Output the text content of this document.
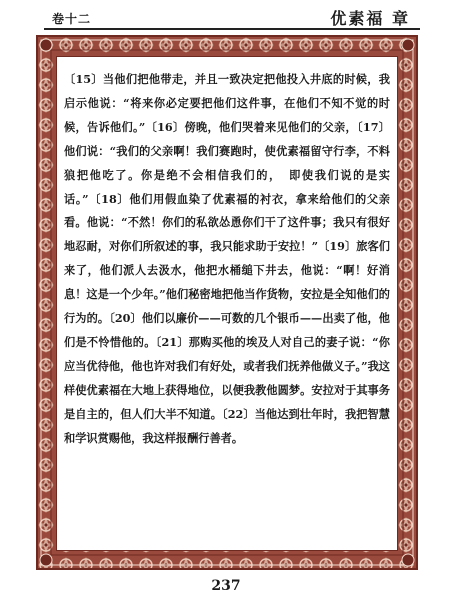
卷十二	优素福 章
〔15〕当他们把他带走，并且一致决定把他投入井底的时候，我启示他说：“将来你必定要把他们这件事，在他们不知不觉的时候，告诉他们。”〔16〕傍晚，他们哭着来见他们的父亲，〔17〕他们说：“我们的父亲啊！我们赛跑时，使优素福留守行李，不料狼把他吃了。你是绝不会相信我们的，　即使我们说的是实话。”〔18〕他们用假血染了优素福的衬衣，拿来给他们的父亲看。他说：“不然！你们的私欲怂恿你们干了这件事；我只有很好地忍耐，对你们所叙述的事，我只能求助于安拉！”〔19〕旅客们来了，他们派人去汲水，他把水桶缒下井去，他说：“啊！好消息！这是一个少年。”他们秘密地把他当作货物，安拉是全知他们的行为的。〔20〕他们以廉价——可数的几个银币——出卖了他，他们是不怜惜他的。〔21〕那购买他的埃及人对自己的妻子说：“你应当优待他，他也许对我们有好处，或者我们抚养他做义子。”我这样使优素福在大地上获得地位，以便我教他圆梦。安拉对于其事务是自主的，但人们大半不知道。〔22〕当他达到壮年时，我把智慧和学识赏赐他，我这样报酬行善者。
237
